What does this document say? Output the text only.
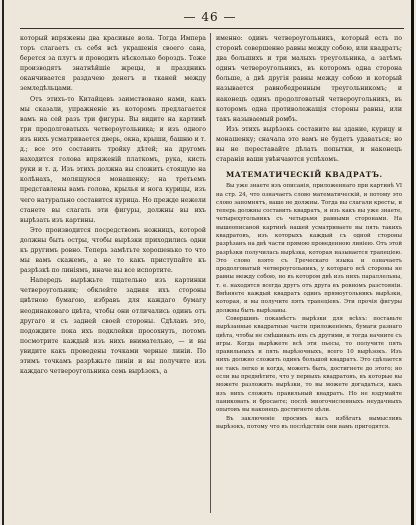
— 46 —

который впряжены два красивые вола. Тогда Импера торъ слагаетъ съ себя всѣ украшенія своего сана, берется за плугъ и проводить нѣсколько бороздъ. Тоже производятъ знатнѣйшіе жрецы, и праздникъ оканчивается раздачею денегъ и тканей между земледѣльцами.

Отъ этихъ-то Китайцевъ заимствовано нами, какъ мы сказали, упражненіе въ которомъ предлагается вамъ на сей разъ три фигуры. Вы видите на картинѣ три продолговатыхъ четвероугольника; и изъ одного изъ нихъ усматривается дверь, окна, крыши, башню и т. д.; все это составить тройку дѣтей; на другомъ находится голова впряженій платкомъ, рука, кисть руки и т. д. Изъ этихъ должна вы сложить стоящую на колѣнахъ, молящуюся монашенку; на третьемъ представлены вамъ голова, крылья и нога курицы, изъ чего натурально составится курица. Но прежде нежели станете вы слагать эти фигуры, должны вы ихъ вырѣзать изъ картины.

Это производится посредствомъ ножницъ, которой должны быть остры, чтобы вырѣзки приходились одни къ другимъ ровно. Теперь замѣтьте хорошенько то что мы вамъ скажемъ, а не то какъ приступайте къ разрѣзкѣ по линіямъ, иначе вы все испортите.

Напередъ вырѣжьте тщательно изъ картинки четвероугольник; обклейте задняя ихъ стороны цвѣтною бумагою, избравъ для каждаго бумагу неодинаковаго цвѣта, чтобы они отличались одинъ отъ другаго и съ задней своей стороны. Сдѣлавъ это, подождите пока ихъ подклейки просохнуть, потомъ посмотрите каждый изъ нихъ внимательно, — и вы увидите какъ проведены точками черные линіи. По этимъ точкамъ разрѣжьте линіи и вы получите изъ каждаго четвероугольника семь вырѣзокъ, а

именно: одинъ четвероугольникъ, который есть по сторонѣ совершенно равны между собою, или квадратъ; два большихъ и три малыхъ треугольника, а затѣмъ одинъ четвероугольникъ, въ которомъ одна сторона больше, а двѣ другія равны между собою и который называется равнобедренным треугольникомъ; и наконецъ одинъ продолговатый четвероугольникъ, въ которомъ одна противолежащія стороны равны, или такъ называемый ромбъ.

Изъ этихъ вырѣзокъ составите вы здание, курицу и монашенку; сначала это вамъ не будетъ удаваться; но вы не переставайте дѣлать попытки, и наконецъ старанія ваши увѣнчаются успѣхомъ.

МАТЕМАТИЧЕСКІЙ КВАДРАТЪ.

Вы уже знаете изъ описанія, приложеннаго при картинѣ VI на стр. 24, что означаетъ слово математическій, и потому это слово запомнятъ, ваше не должны. Тогда вы слагали кресты, и теперь должны составить квадратъ, и изъ какъ вы уже знаете, четырехугольникъ съ четырьмя равными сторонами. На вышеописаной картинѣ нашей усматриваете вы пять такихъ квадратовъ, изъ которыхъ каждый съ одной стороны разрѣзанъ на двѣ части прямою проведенною линіею. Отъ этой разрѣзки получилась вырѣзка, которая называется трапеціею. Это слово взято съ Греческаго языка и означаетъ продолговатый четвероугольникъ, у котораго всѣ стороны не равны между собою, но въ котором двѣ изъ нихъ параллельны, т. е. находятся всегда другъ отъ друга въ ровномъ разстояніи. Вмѣняете каждый квадратъ одинъ прямоугольникъ вырѣзки, которая, и вы получите пять трапеціевъ. Эти прочія фигуры должны быть вырѣзаны.

Совершивъ покамѣстъ вырѣзки для всѣхъ: поставьте вырѣзанные квадратные части приложеніемъ, бумаги разнаго цвѣта, чтобы не смѣшивать ихъ съ другими, и тогда начните съ игры. Когда вырѣжете всѣ эти пьесы, то получите пять правильныхъ и пять вырѣзочныхъ, всего 10 вырѣзокъ. Изъ нихъ должно сложить одинъ большой квадратъ. Это сдѣлается не такъ легко и когда, можетъ быть, достигнете до этого; но если вы предмѣтите, что у первыхъ квадратовъ, въ которые вы можете разложить вырѣзки, то вы можете догадаться, какъ изъ нихъ сложить правильный квадратъ. Но не вздумайте паниковать и бросаете; послѣ многочисленныхъ неудачныхъ опытовъ вы наконецъ достигнете цѣли.

Въ заключеніе просимъ васъ избѣгать вымысливъ вырѣзокъ, потому что въ послѣдствіи они вамъ пригодятся.
